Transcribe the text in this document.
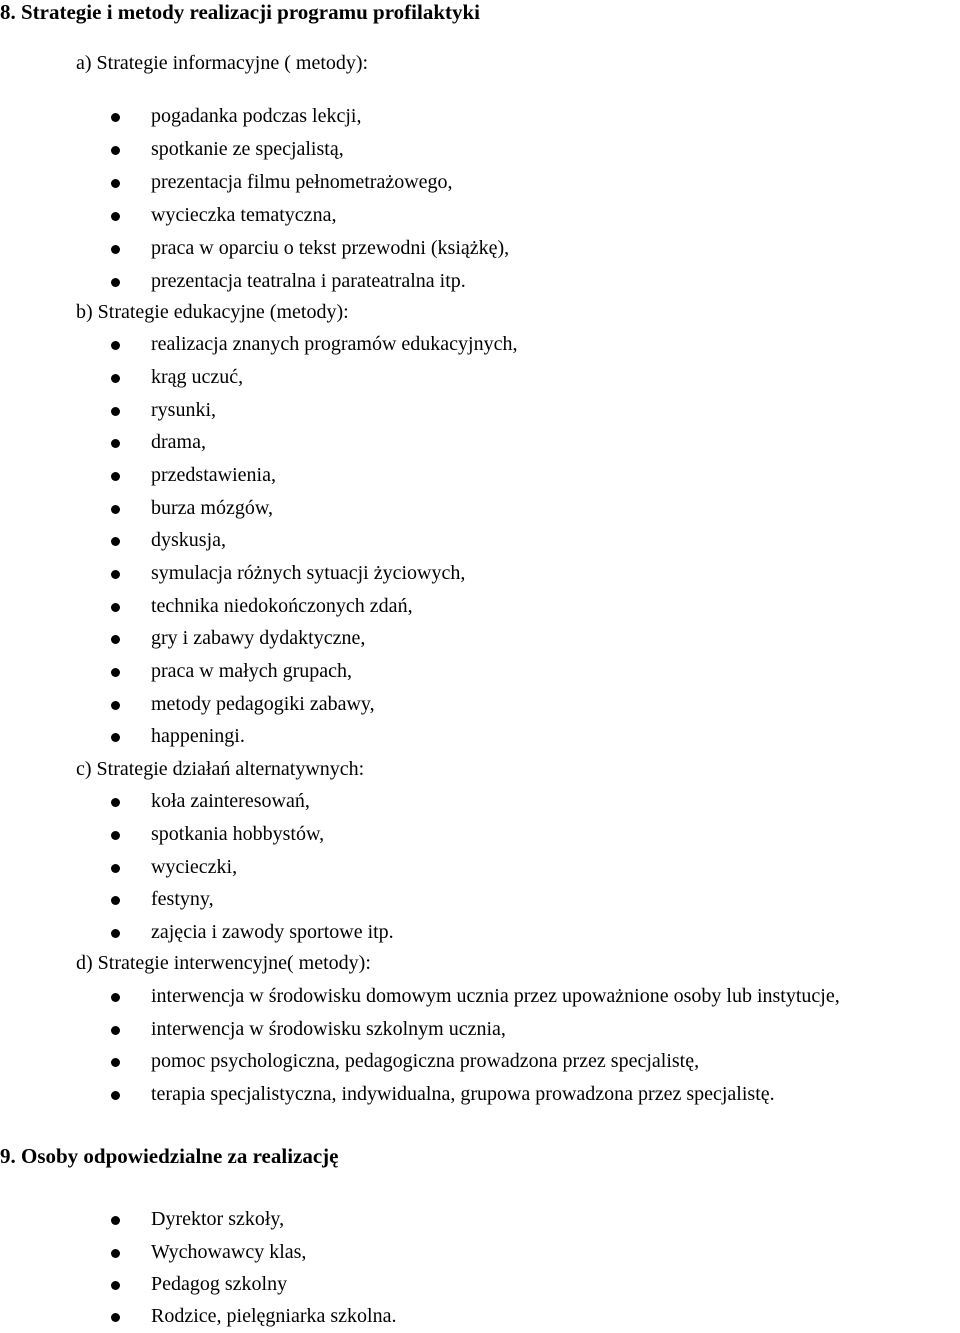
8. Strategie i metody realizacji programu profilaktyki
a) Strategie informacyjne ( metody):
pogadanka podczas lekcji,
spotkanie ze specjalistą,
prezentacja filmu pełnometrażowego,
wycieczka tematyczna,
praca w oparciu o tekst przewodni (książkę),
prezentacja teatralna i parateatralna itp.
b) Strategie edukacyjne (metody):
realizacja znanych programów edukacyjnych,
krąg uczuć,
rysunki,
drama,
przedstawienia,
burza mózgów,
dyskusja,
symulacja różnych sytuacji życiowych,
technika niedokończonych zdań,
gry i zabawy dydaktyczne,
praca w małych grupach,
metody pedagogiki zabawy,
happeningi.
c) Strategie działań alternatywnych:
koła zainteresowań,
spotkania hobbystów,
wycieczki,
festyny,
zajęcia i zawody sportowe itp.
d) Strategie interwencyjne( metody):
interwencja w środowisku domowym ucznia przez upoważnione osoby lub instytucje,
interwencja w środowisku szkolnym ucznia,
pomoc psychologiczna, pedagogiczna prowadzona przez specjalistę,
terapia specjalistyczna, indywidualna, grupowa prowadzona przez specjalistę.
9. Osoby odpowiedzialne za realizację
Dyrektor szkoły,
Wychowawcy klas,
Pedagog szkolny
Rodzice, pielęgniarka szkolna.
